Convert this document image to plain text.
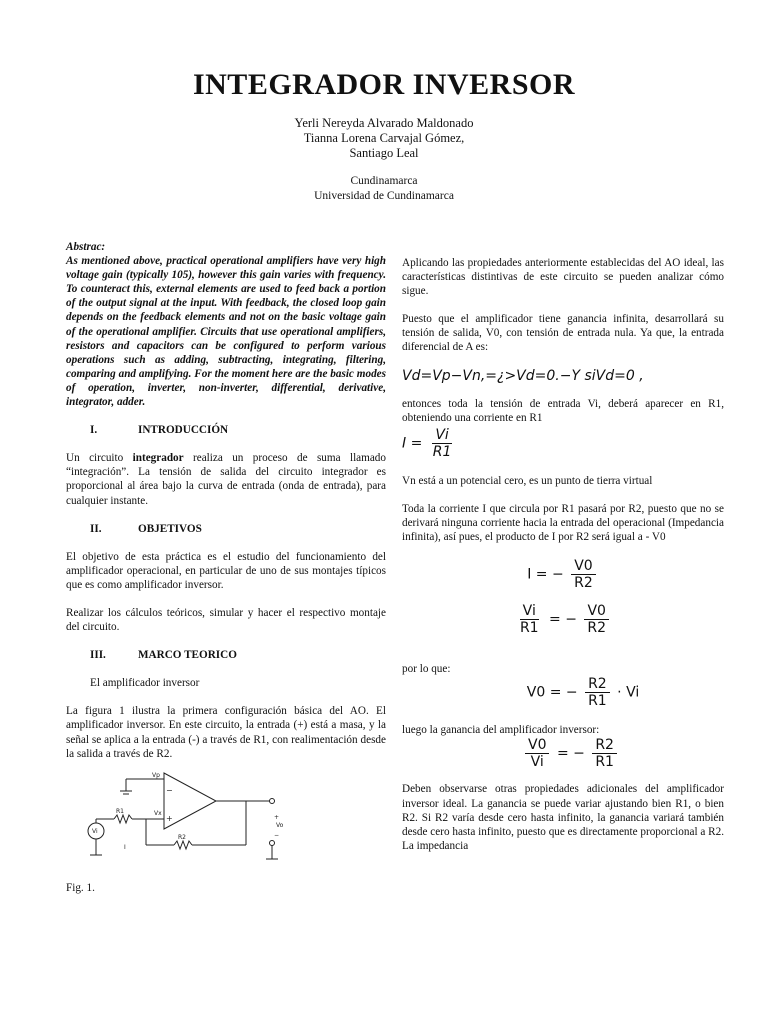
INTEGRADOR INVERSOR
Yerli Nereyda Alvarado Maldonado
Tianna Lorena Carvajal Gómez,
Santiago Leal
Cundinamarca
Universidad de Cundinamarca
Abstrac:
As mentioned above, practical operational amplifiers have very high voltage gain (typically 105), however this gain varies with frequency. To counteract this, external elements are used to feed back a portion of the output signal at the input. With feedback, the closed loop gain depends on the feedback elements and not on the basic voltage gain of the operational amplifier. Circuits that use operational amplifiers, resistors and capacitors can be configured to perform various operations such as adding, subtracting, integrating, filtering, comparing and amplifying. For the moment here are the basic modes of operation, inverter, non-inverter, differential, derivative, integrator, adder.
I.	INTRODUCCIÓN
Un circuito integrador realiza un proceso de suma llamado “integración”. La tensión de salida del circuito integrador es proporcional al área bajo la curva de entrada (onda de entrada), para cualquier instante.
II.	OBJETIVOS
El objetivo de esta práctica es el estudio del funcionamiento del amplificador operacional, en particular de uno de sus montajes típicos que es como amplificador inversor.
Realizar los cálculos teóricos, simular y hacer el respectivo montaje del circuito.
III.	MARCO TEORICO
El amplificador inversor
La figura 1 ilustra la primera configuración básica del AO. El amplificador inversor. En este circuito, la entrada (+) está a masa, y la señal se aplica a la entrada (-) a través de R1, con realimentación desde la salida a través de R2.
Vp
Vx
R1
R2
Vi
+
Vo
−
I
−
+
Fig. 1.
Aplicando las propiedades anteriormente establecidas del AO ideal, las características distintivas de este circuito se pueden analizar cómo sigue.
Puesto que el amplificador tiene ganancia infinita, desarrollará su tensión de salida, V0, con tensión de entrada nula. Ya que, la entrada diferencial de A es:
Vd=Vp−Vn,=¿>Vd=0.−Y siVd=0 ,
entonces toda la tensión de entrada Vi, deberá aparecer en R1, obteniendo una corriente en R1
$I = \frac{Vi}{R1}$
Vn está a un potencial cero, es un punto de tierra virtual
Toda la corriente I que circula por R1 pasará por R2, puesto que no se derivará ninguna corriente hacia la entrada del operacional (Impedancia infinita), así pues, el producto de I por R2 será igual a - V0
I = − $\frac{V0}{R2}$
$\frac{Vi}{R1}$ = − $\frac{V0}{R2}$
por lo que:
V0 = − $\frac{R2}{R1} \cdot Vi$
luego la ganancia del amplificador inversor:
$\frac{V0}{Vi}$ = − $\frac{R2}{R1}$
Deben observarse otras propiedades adicionales del amplificador inversor ideal. La ganancia se puede variar ajustando bien R1, o bien R2. Si R2 varía desde cero hasta infinito, la ganancia variará también desde cero hasta infinito, puesto que es directamente proporcional a R2. La impedancia
